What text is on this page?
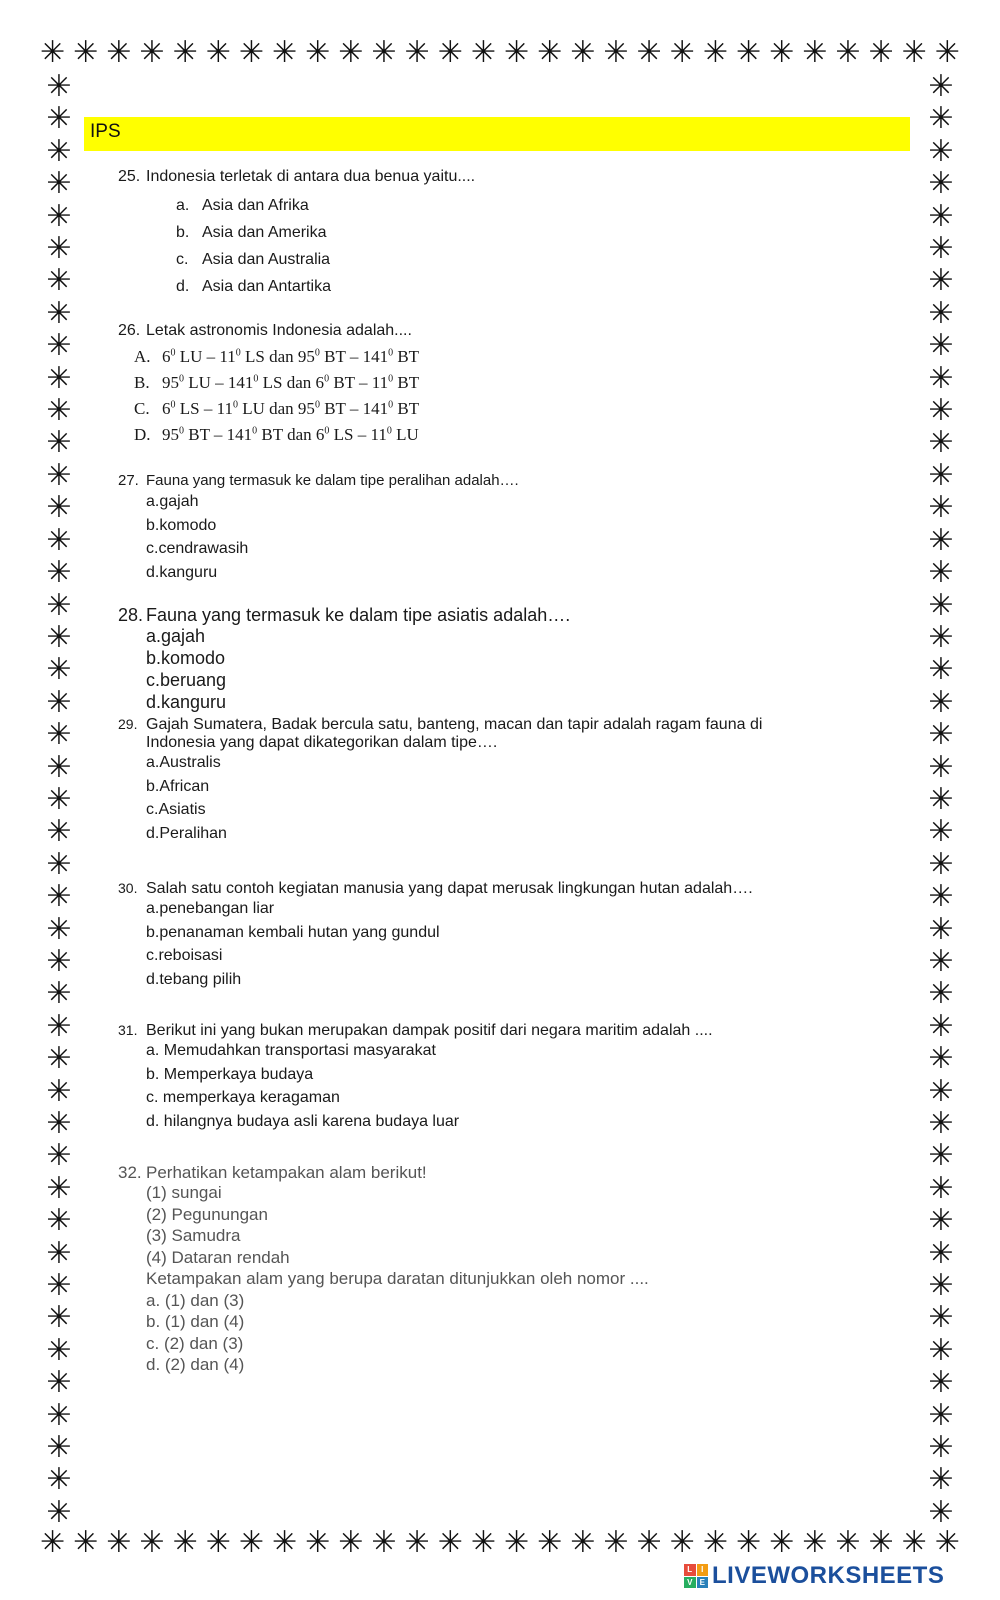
✳ ✳ ✳ ✳ ✳ ✳ ✳ ✳ ✳ ✳ ✳ ✳ ✳ ✳ ✳ ✳ ✳ ✳ ✳ ✳ ✳ ✳ ✳ ✳ ✳ ✳ ✳ ✳
✳ ✳ ✳ ✳ ✳ ✳ ✳ ✳ ✳ ✳ ✳ ✳ ✳ ✳ ✳ ✳ ✳ ✳ ✳ ✳ ✳ ✳ ✳ ✳ ✳ ✳ ✳ ✳
✳
✳
✳
✳
✳
✳
✳
✳
✳
✳
✳
✳
✳
✳
✳
✳
✳
✳
✳
✳
✳
✳
✳
✳
✳
✳
✳
✳
✳
✳
✳
✳
✳
✳
✳
✳
✳
✳
✳
✳
✳
✳
✳
✳
✳
✳
✳
✳
✳
✳
✳
✳
✳
✳
✳
✳
✳
✳
✳
✳
✳
✳
✳
✳
✳
✳
✳
✳
✳
✳
✳
✳
✳
✳
✳
✳
✳
✳
✳
✳
✳
✳
✳
✳
✳
✳
✳
✳
✳
✳
IPS
25. Indonesia terletak di antara dua benua yaitu....
a. Asia dan Afrika
b. Asia dan Amerika
c. Asia dan Australia
d. Asia dan Antartika
26. Letak astronomis Indonesia adalah....
A. $6^0$ LU – $11^0$ LS dan $95^0$ BT – $141^0$ BT
B. $95^0$ LU – $141^0$ LS dan $6^0$ BT – $11^0$ BT
C. $6^0$ LS – $11^0$ LU dan $95^0$ BT – $141^0$ BT
D. $95^0$ BT – $141^0$ BT dan $6^0$ LS – $11^0$ LU
27. Fauna yang termasuk ke dalam tipe peralihan adalah….
a.gajah
b.komodo
c.cendrawasih
d.kanguru
28. Fauna yang termasuk ke dalam tipe asiatis adalah….
a.gajah
b.komodo
c.beruang
d.kanguru
29. Gajah Sumatera, Badak bercula satu, banteng, macan dan tapir adalah ragam fauna di
Indonesia yang dapat dikategorikan dalam tipe….
a.Australis
b.African
c.Asiatis
d.Peralihan
30. Salah satu contoh kegiatan manusia yang dapat merusak lingkungan hutan adalah….
a.penebangan liar
b.penanaman kembali hutan yang gundul
c.reboisasi
d.tebang pilih
31. Berikut ini yang bukan merupakan dampak positif dari negara maritim adalah ....
a. Memudahkan transportasi masyarakat
b. Memperkaya budaya
c. memperkaya keragaman
d. hilangnya budaya asli karena budaya luar
32. Perhatikan ketampakan alam berikut!
(1) sungai
(2) Pegunungan
(3) Samudra
(4) Dataran rendah
Ketampakan alam yang berupa daratan ditunjukkan oleh nomor ....
a. (1) dan (3)
b. (1) dan (4)
c. (2) dan (3)
d. (2) dan (4)
L	I
V E LIVEWORKSHEETS
